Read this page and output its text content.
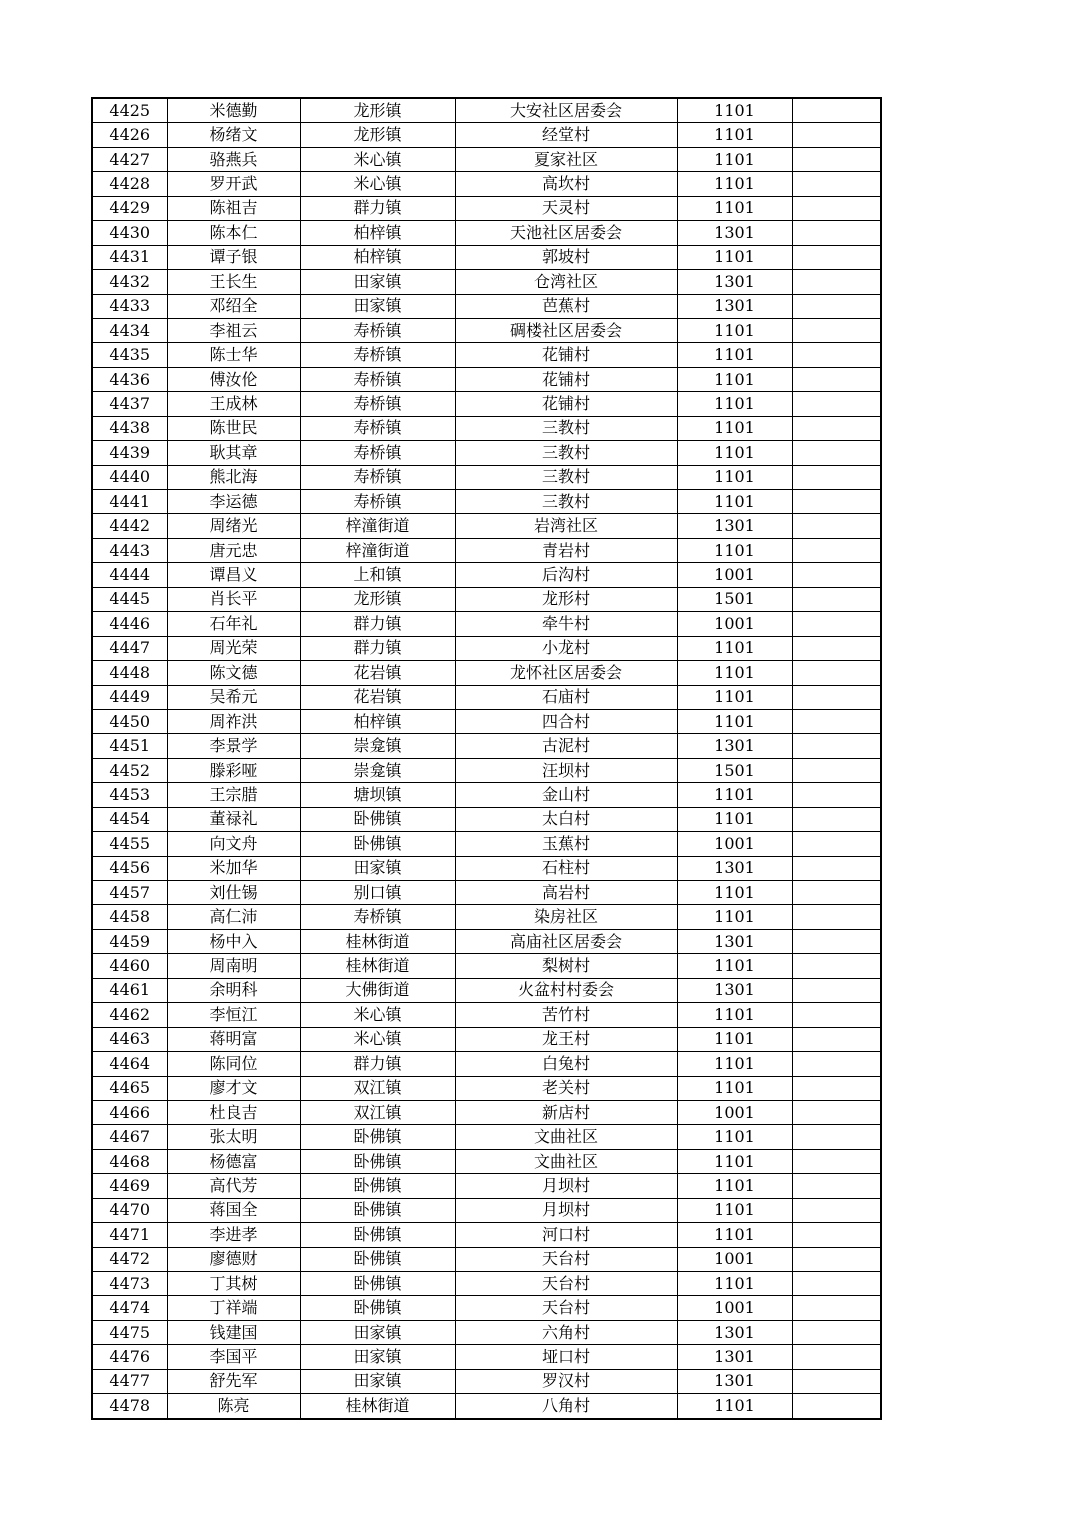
4425	米德勤	龙形镇	大安社区居委会	1101	
4426	杨绪文	龙形镇	经堂村	1101	
4427	骆燕兵	米心镇	夏家社区	1101	
4428	罗开武	米心镇	高坎村	1101	
4429	陈祖吉	群力镇	天灵村	1101	
4430	陈本仁	柏梓镇	天池社区居委会	1301	
4431	谭子银	柏梓镇	郭坡村	1101	
4432	王长生	田家镇	仓湾社区	1301	
4433	邓绍全	田家镇	芭蕉村	1301	
4434	李祖云	寿桥镇	碉楼社区居委会	1101	
4435	陈士华	寿桥镇	花铺村	1101	
4436	傅汝伦	寿桥镇	花铺村	1101	
4437	王成林	寿桥镇	花铺村	1101	
4438	陈世民	寿桥镇	三教村	1101	
4439	耿其章	寿桥镇	三教村	1101	
4440	熊北海	寿桥镇	三教村	1101	
4441	李运德	寿桥镇	三教村	1101	
4442	周绪光	梓潼街道	岩湾社区	1301	
4443	唐元忠	梓潼街道	青岩村	1101	
4444	谭昌义	上和镇	后沟村	1001	
4445	肖长平	龙形镇	龙形村	1501	
4446	石年礼	群力镇	牵牛村	1001	
4447	周光荣	群力镇	小龙村	1101	
4448	陈文德	花岩镇	龙怀社区居委会	1101	
4449	吴希元	花岩镇	石庙村	1101	
4450	周祚洪	柏梓镇	四合村	1101	
4451	李景学	崇龛镇	古泥村	1301	
4452	滕彩哑	崇龛镇	汪坝村	1501	
4453	王宗腊	塘坝镇	金山村	1101	
4454	董禄礼	卧佛镇	太白村	1101	
4455	向文舟	卧佛镇	玉蕉村	1001	
4456	米加华	田家镇	石柱村	1301	
4457	刘仕锡	别口镇	高岩村	1101	
4458	高仁沛	寿桥镇	染房社区	1101	
4459	杨中入	桂林街道	高庙社区居委会	1301	
4460	周南明	桂林街道	梨树村	1101	
4461	余明科	大佛街道	火盆村村委会	1301	
4462	李恒江	米心镇	苦竹村	1101	
4463	蒋明富	米心镇	龙王村	1101	
4464	陈同位	群力镇	白兔村	1101	
4465	廖才文	双江镇	老关村	1101	
4466	杜良吉	双江镇	新店村	1001	
4467	张太明	卧佛镇	文曲社区	1101	
4468	杨德富	卧佛镇	文曲社区	1101	
4469	高代芳	卧佛镇	月坝村	1101	
4470	蒋国全	卧佛镇	月坝村	1101	
4471	李进孝	卧佛镇	河口村	1101	
4472	廖德财	卧佛镇	天台村	1001	
4473	丁其树	卧佛镇	天台村	1101	
4474	丁祥端	卧佛镇	天台村	1001	
4475	钱建国	田家镇	六角村	1301	
4476	李国平	田家镇	垭口村	1301	
4477	舒先军	田家镇	罗汉村	1301	
4478	陈亮	桂林街道	八角村	1101	
